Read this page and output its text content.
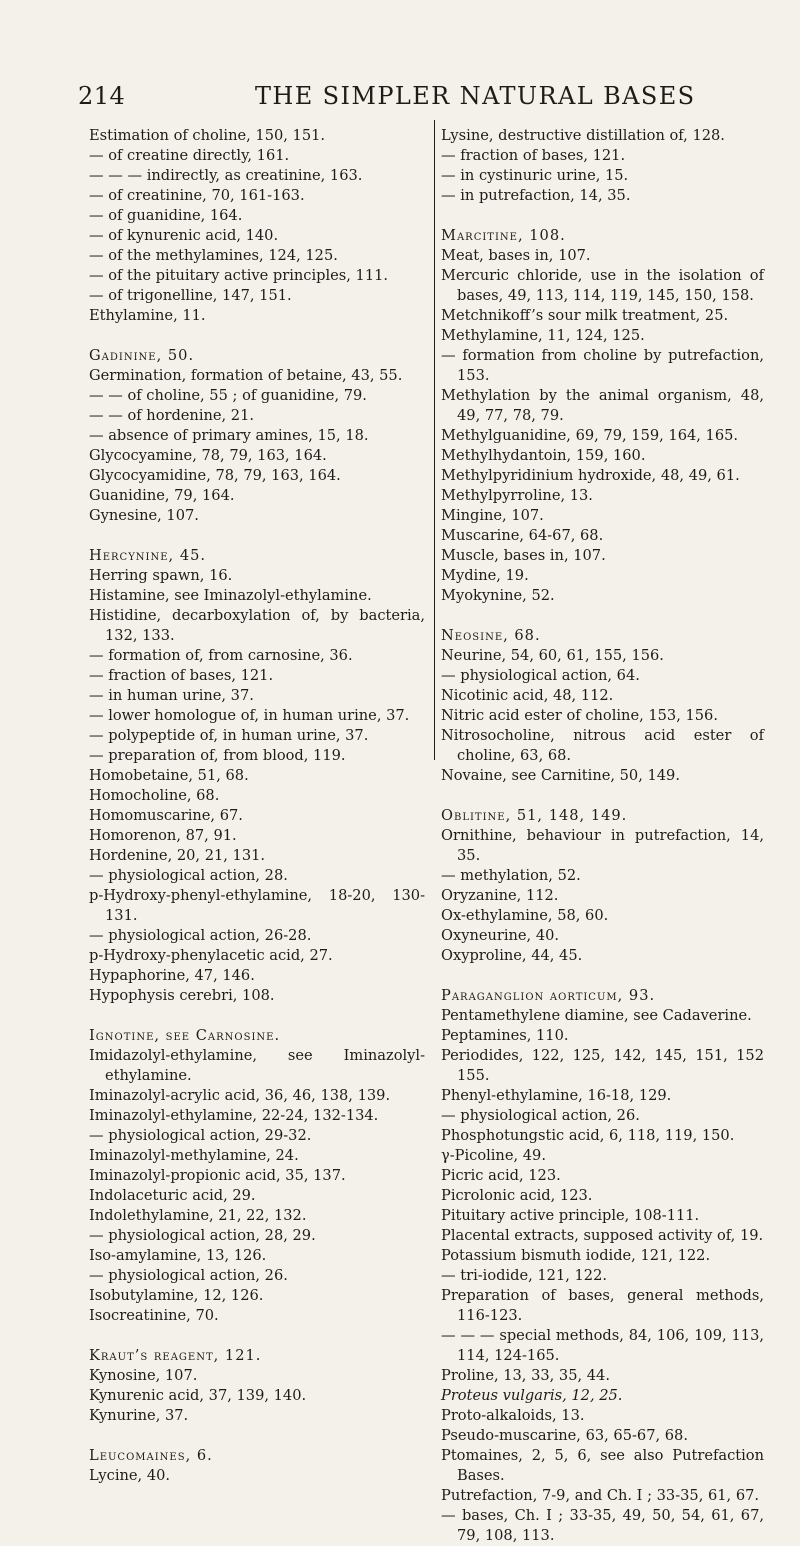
214	THE SIMPLER NATURAL BASES
Estimation of choline, 150, 151.
— of creatine directly, 161.
— — — indirectly, as creatinine, 163.
— of creatinine, 70, 161-163.
— of guanidine, 164.
— of kynurenic acid, 140.
— of the methylamines, 124, 125.
— of the pituitary active principles, 111.
— of trigonelline, 147, 151.
Ethylamine, 11.
Gadinine, 50.
Germination, formation of betaine, 43, 55.
— — of choline, 55 ; of guanidine, 79.
— — of hordenine, 21.
— absence of primary amines, 15, 18.
Glycocyamine, 78, 79, 163, 164.
Glycocyamidine, 78, 79, 163, 164.
Guanidine, 79, 164.
Gynesine, 107.
Hercynine, 45.
Herring spawn, 16.
Histamine, see Iminazolyl-ethylamine.
Histidine, decarboxylation of, by bacteria, 132, 133.
— formation of, from carnosine, 36.
— fraction of bases, 121.
— in human urine, 37.
— lower homologue of, in human urine, 37.
— polypeptide of, in human urine, 37.
— preparation of, from blood, 119.
Homobetaine, 51, 68.
Homocholine, 68.
Homomuscarine, 67.
Homorenon, 87, 91.
Hordenine, 20, 21, 131.
— physiological action, 28.
p-Hydroxy-phenyl-ethylamine, 18-20, 130-131.
— physiological action, 26-28.
p-Hydroxy-phenylacetic acid, 27.
Hypaphorine, 47, 146.
Hypophysis cerebri, 108.
Ignotine, see Carnosine.
Imidazolyl-ethylamine, see Iminazolyl-ethylamine.
Iminazolyl-acrylic acid, 36, 46, 138, 139.
Iminazolyl-ethylamine, 22-24, 132-134.
— physiological action, 29-32.
Iminazolyl-methylamine, 24.
Iminazolyl-propionic acid, 35, 137.
Indolaceturic acid, 29.
Indolethylamine, 21, 22, 132.
— physiological action, 28, 29.
Iso-amylamine, 13, 126.
— physiological action, 26.
Isobutylamine, 12, 126.
Isocreatinine, 70.
Kraut’s reagent, 121.
Kynosine, 107.
Kynurenic acid, 37, 139, 140.
Kynurine, 37.
Leucomaines, 6.
Lycine, 40.
Lysine, destructive distillation of, 128.
— fraction of bases, 121.
— in cystinuric urine, 15.
— in putrefaction, 14, 35.
Marcitine, 108.
Meat, bases in, 107.
Mercuric chloride, use in the isolation of bases, 49, 113, 114, 119, 145, 150, 158.
Metchnikoff’s sour milk treatment, 25.
Methylamine, 11, 124, 125.
— formation from choline by putrefaction, 153.
Methylation by the animal organism, 48, 49, 77, 78, 79.
Methylguanidine, 69, 79, 159, 164, 165.
Methylhydantoin, 159, 160.
Methylpyridinium hydroxide, 48, 49, 61.
Methylpyrroline, 13.
Mingine, 107.
Muscarine, 64-67, 68.
Muscle, bases in, 107.
Mydine, 19.
Myokynine, 52.
Neosine, 68.
Neurine, 54, 60, 61, 155, 156.
— physiological action, 64.
Nicotinic acid, 48, 112.
Nitric acid ester of choline, 153, 156.
Nitrosocholine, nitrous acid ester of choline, 63, 68.
Novaine, see Carnitine, 50, 149.
Oblitine, 51, 148, 149.
Ornithine, behaviour in putrefaction, 14, 35.
— methylation, 52.
Oryzanine, 112.
Ox-ethylamine, 58, 60.
Oxyneurine, 40.
Oxyproline, 44, 45.
Paraganglion aorticum, 93.
Pentamethylene diamine, see Cadaverine.
Peptamines, 110.
Periodides, 122, 125, 142, 145, 151, 152 155.
Phenyl-ethylamine, 16-18, 129.
— physiological action, 26.
Phosphotungstic acid, 6, 118, 119, 150.
γ-Picoline, 49.
Picric acid, 123.
Picrolonic acid, 123.
Pituitary active principle, 108-111.
Placental extracts, supposed activity of, 19.
Potassium bismuth iodide, 121, 122.
— tri-iodide, 121, 122.
Preparation of bases, general methods, 116-123.
— — — special methods, 84, 106, 109, 113, 114, 124-165.
Proline, 13, 33, 35, 44.
Proteus vulgaris, 12, 25.
Proto-alkaloids, 13.
Pseudo-muscarine, 63, 65-67, 68.
Ptomaines, 2, 5, 6, see also Putrefaction Bases.
Putrefaction, 7-9, and Ch. I ; 33-35, 61, 67.
— bases, Ch. I ; 33-35, 49, 50, 54, 61, 67, 79, 108, 113.
